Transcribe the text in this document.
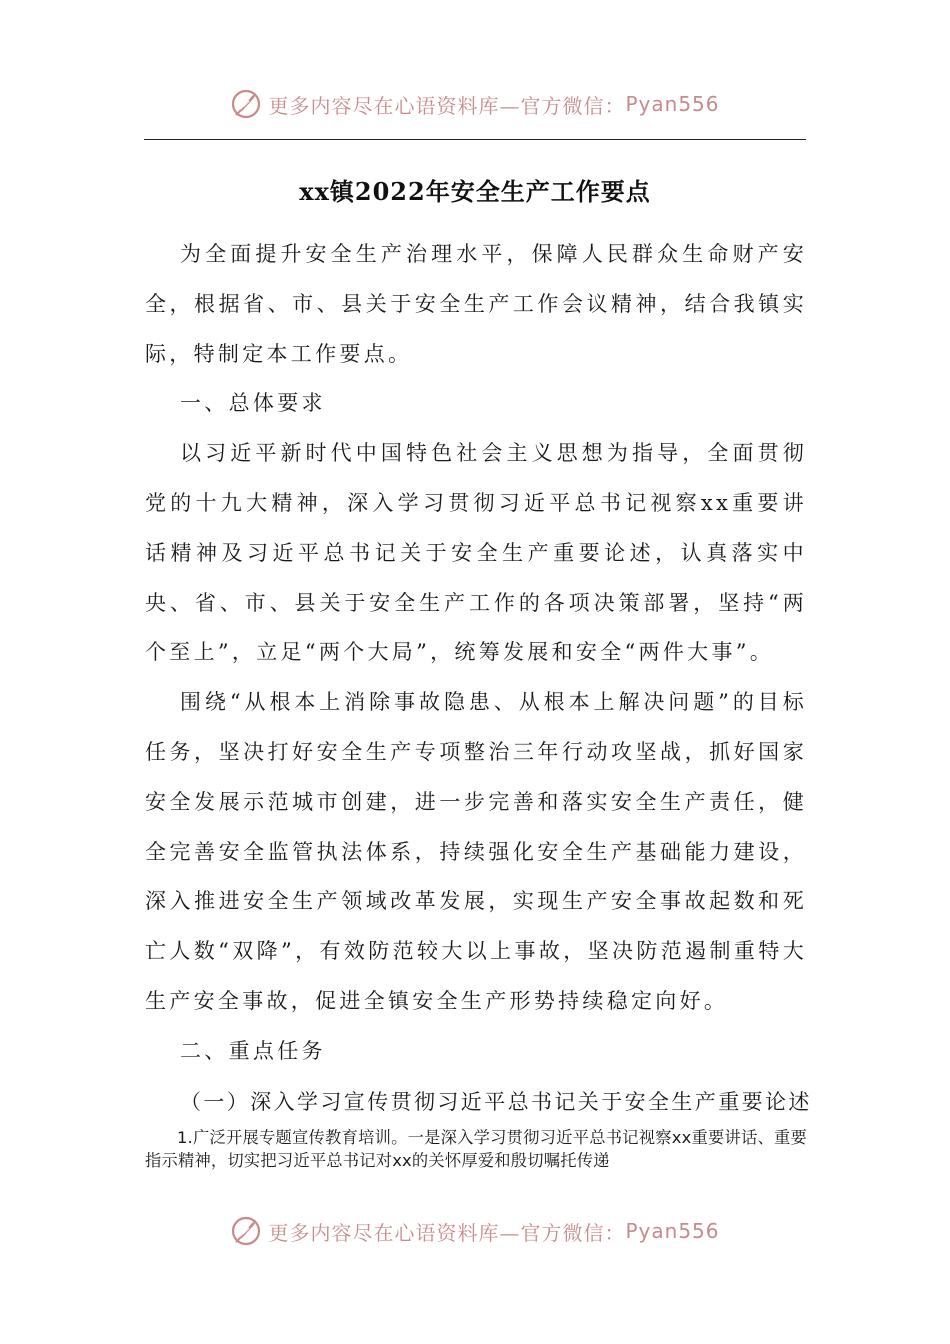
更多内容尽在心语资料库—官方微信： Pyan556
xx镇2022年安全生产工作要点

为全面提升安全生产治理水平，保障人民群众生命财产安全，根据省、市、县关于安全生产工作会议精神，结合我镇实际，特制定本工作要点。

一、总体要求

以习近平新时代中国特色社会主义思想为指导，全面贯彻党的十九大精神，深入学习贯彻习近平总书记视察xx重要讲话精神及习近平总书记关于安全生产重要论述，认真落实中央、省、市、县关于安全生产工作的各项决策部署，坚持“两个至上”，立足“两个大局”，统筹发展和安全“两件大事”。

围绕“从根本上消除事故隐患、从根本上解决问题”的目标任务，坚决打好安全生产专项整治三年行动攻坚战，抓好国家安全发展示范城市创建，进一步完善和落实安全生产责任，健全完善安全监管执法体系，持续强化安全生产基础能力建设，深入推进安全生产领域改革发展，实现生产安全事故起数和死亡人数“双降”，有效防范较大以上事故，坚决防范遏制重特大生产安全事故，促进全镇安全生产形势持续稳定向好。

二、重点任务

（一）深入学习宣传贯彻习近平总书记关于安全生产重要论述

1.广泛开展专题宣传教育培训。一是深入学习贯彻习近平总书记视察xx重要讲话、重要指示精神，切实把习近平总书记对xx的关怀厚爱和殷切嘱托传递

更多内容尽在心语资料库—官方微信： Pyan556
